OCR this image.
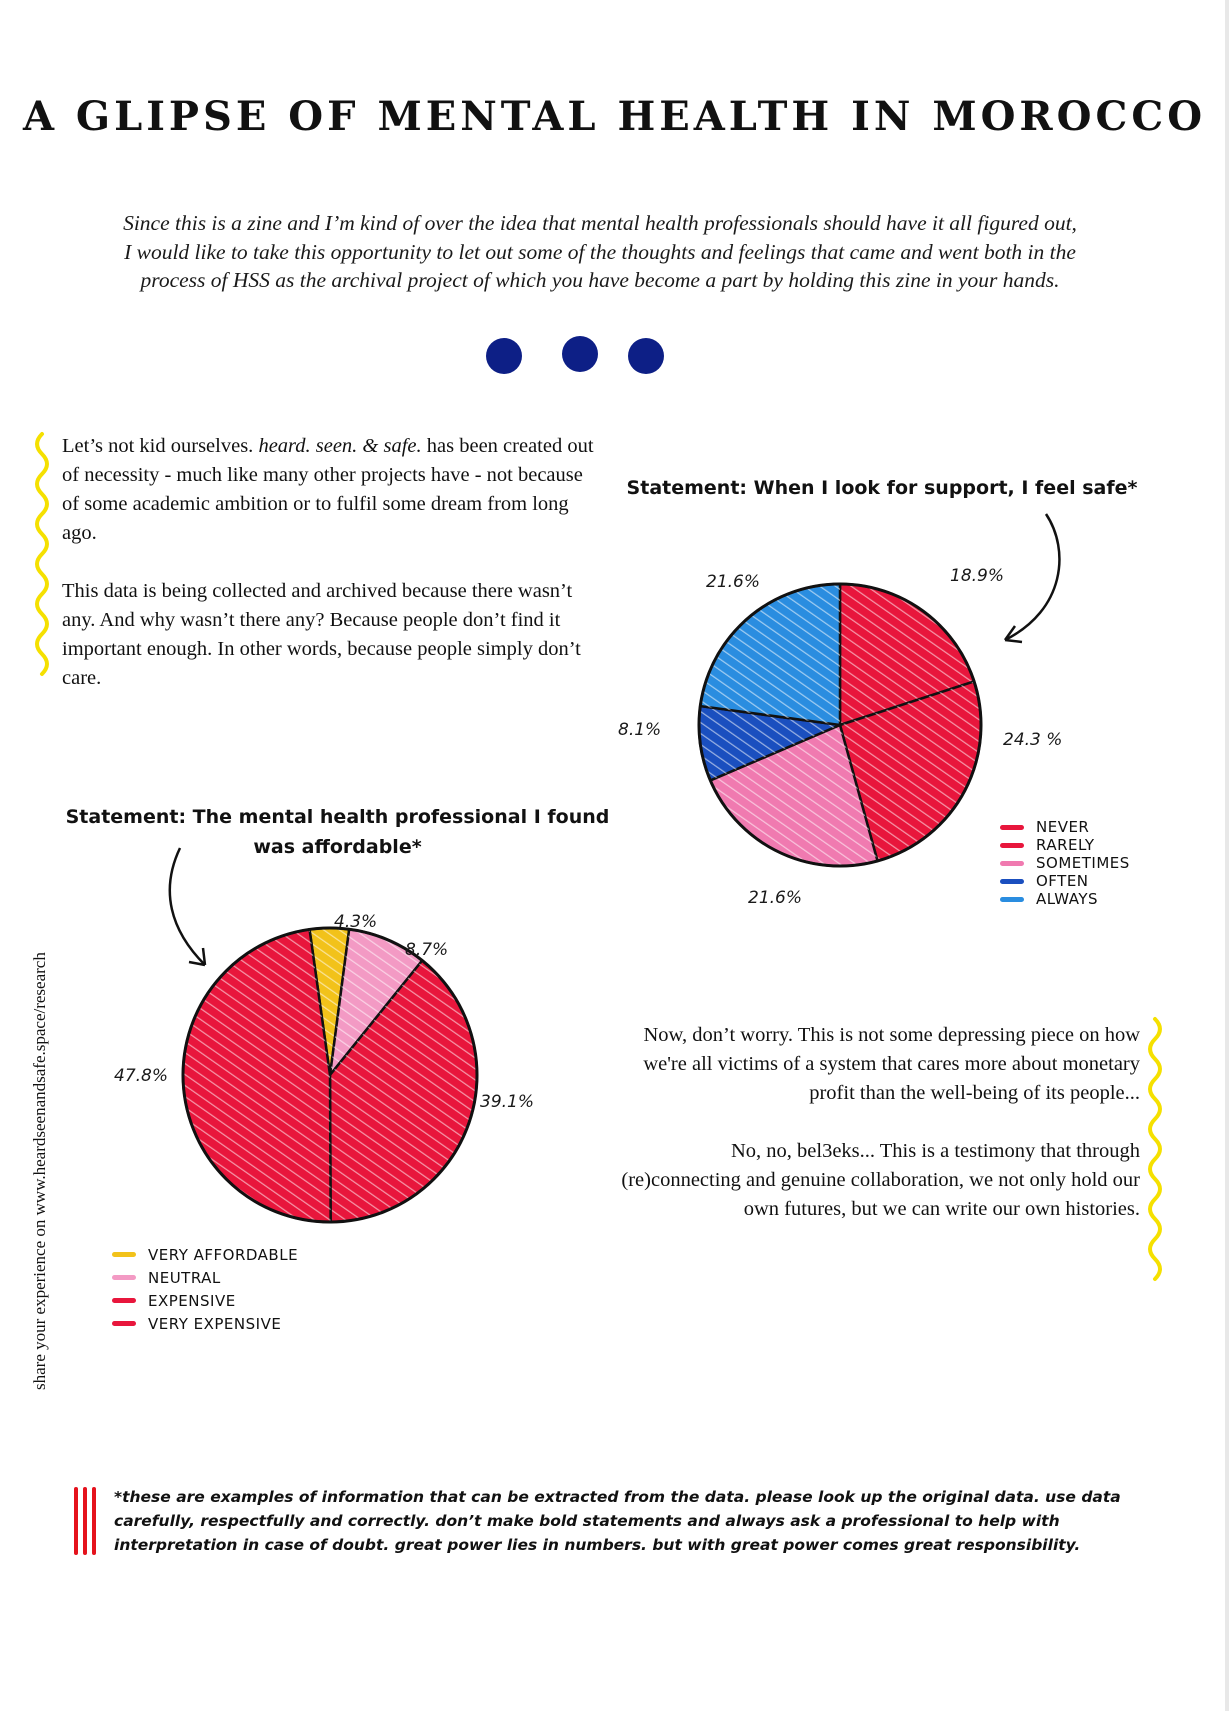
A GLIPSE OF MENTAL HEALTH IN MOROCCO
Since this is a zine and I’m kind of over the idea that mental health professionals should have it all figured out, I would like to take this opportunity to let out some of the thoughts and feelings that came and went both in the process of HSS as the archival project of which you have become a part by holding this zine in your hands.

Let’s not kid ourselves. heard. seen. & safe. has been created out of necessity - much like many other projects have - not because of some academic ambition or to fulfil some dream from long ago.

This data is being collected and archived because there wasn’t any. And why wasn’t there any? Because people don’t find it important enough. In other words, because people simply don’t care.

Statement: When I look for support, I feel safe*
21.6%	18.9%
8.1%	24.3 %
21.6%
NEVER
RARELY
SOMETIMES
OFTEN
ALWAYS
Statement: The mental health professional I found was affordable*
4.3%
8.7%
47.8%
39.1%
VERY AFFORDABLE
NEUTRAL
EXPENSIVE
VERY EXPENSIVE

Now, don’t worry. This is not some depressing piece on how we're all victims of a system that cares more about monetary profit than the well-being of its people...

No, no, bel3eks... This is a testimony that through (re)connecting and genuine collaboration, we not only hold our own futures, but we can write our own histories.

share your experience on www.heardseenandsafe.space/research
*these are examples of information that can be extracted from the data. please look up the original data. use data carefully, respectfully and correctly. don’t make bold statements and always ask a professional to help with interpretation in case of doubt. great power lies in numbers. but with great power comes great responsibility.
